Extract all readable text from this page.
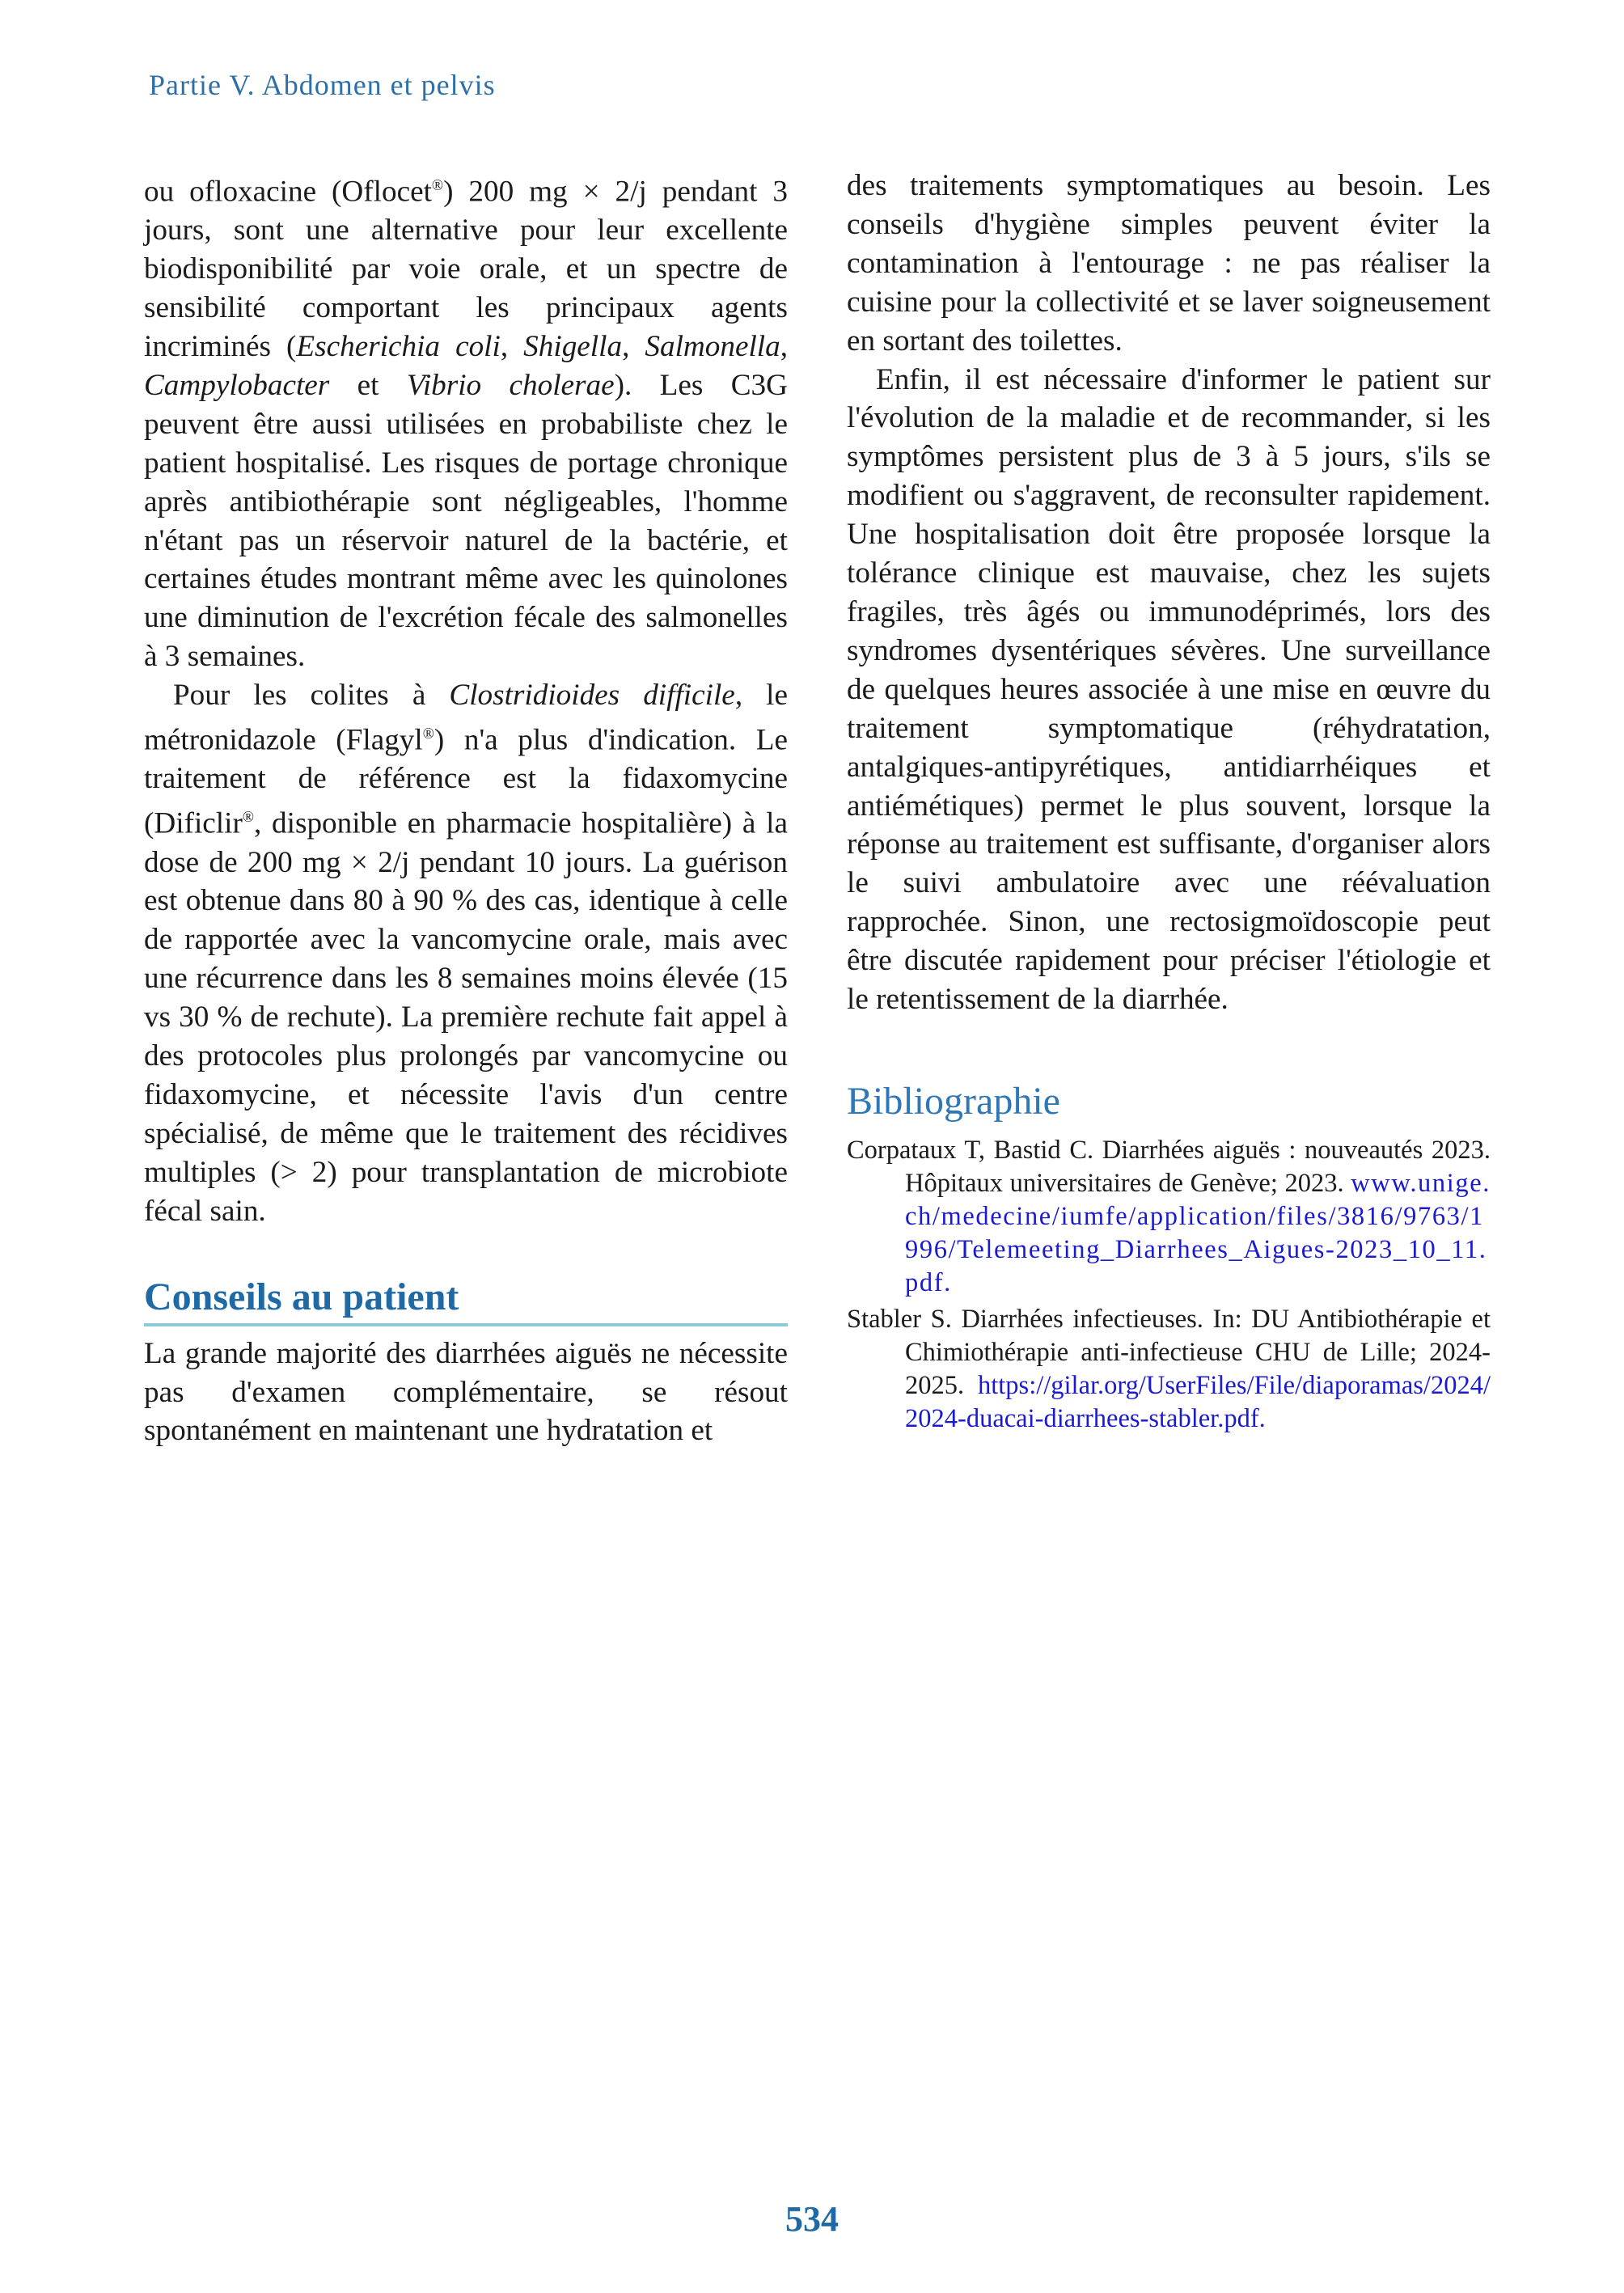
Partie V. Abdomen et pelvis

ou ofloxacine (Oflocet®) 200 mg × 2/j pendant 3 jours, sont une alternative pour leur excellente biodisponibilité par voie orale, et un spectre de sensibilité comportant les principaux agents incriminés (Escherichia coli, Shigella, Salmonella, Campylobacter et Vibrio cholerae). Les C3G peuvent être aussi utilisées en probabiliste chez le patient hospitalisé. Les risques de portage chronique après antibiothérapie sont négligeables, l'homme n'étant pas un réservoir naturel de la bactérie, et certaines études montrant même avec les quinolones une diminution de l'excrétion fécale des salmonelles à 3 semaines.

Pour les colites à Clostridioides difficile, le métronidazole (Flagyl®) n'a plus d'indication. Le traitement de référence est la fidaxomycine (Dificlir®, disponible en pharmacie hospitalière) à la dose de 200 mg × 2/j pendant 10 jours. La guérison est obtenue dans 80 à 90 % des cas, identique à celle de rapportée avec la vancomycine orale, mais avec une récurrence dans les 8 semaines moins élevée (15 vs 30 % de rechute). La première rechute fait appel à des protocoles plus prolongés par vancomycine ou fidaxomycine, et nécessite l'avis d'un centre spécialisé, de même que le traitement des récidives multiples (> 2) pour transplantation de microbiote fécal sain.

Conseils au patient

La grande majorité des diarrhées aiguës ne nécessite pas d'examen complémentaire, se résout spontanément en maintenant une hydratation et

des traitements symptomatiques au besoin. Les conseils d'hygiène simples peuvent éviter la contamination à l'entourage : ne pas réaliser la cuisine pour la collectivité et se laver soigneusement en sortant des toilettes.

Enfin, il est nécessaire d'informer le patient sur l'évolution de la maladie et de recommander, si les symptômes persistent plus de 3 à 5 jours, s'ils se modifient ou s'aggravent, de reconsulter rapidement. Une hospitalisation doit être proposée lorsque la tolérance clinique est mauvaise, chez les sujets fragiles, très âgés ou immunodéprimés, lors des syndromes dysentériques sévères. Une surveillance de quelques heures associée à une mise en œuvre du traitement symptomatique (réhydratation, antalgiques-antipyrétiques, antidiarrhéiques et antiémétiques) permet le plus souvent, lorsque la réponse au traitement est suffisante, d'organiser alors le suivi ambulatoire avec une réévaluation rapprochée. Sinon, une rectosigmoïdoscopie peut être discutée rapidement pour préciser l'étiologie et le retentissement de la diarrhée.

Bibliographie

Corpataux T, Bastid C. Diarrhées aiguës : nouveautés 2023. Hôpitaux universitaires de Genève; 2023. www.unige.ch/medecine/iumfe/application/files/3816/9763/1996/Telemeeting_Diarrhees_Aigues-2023_10_11.pdf.

Stabler S. Diarrhées infectieuses. In: DU Antibiothérapie et Chimiothérapie anti-infectieuse CHU de Lille; 2024-2025. https://gilar.org/UserFiles/File/diaporamas/2024/2024-duacai-diarrhees-stabler.pdf.

534
